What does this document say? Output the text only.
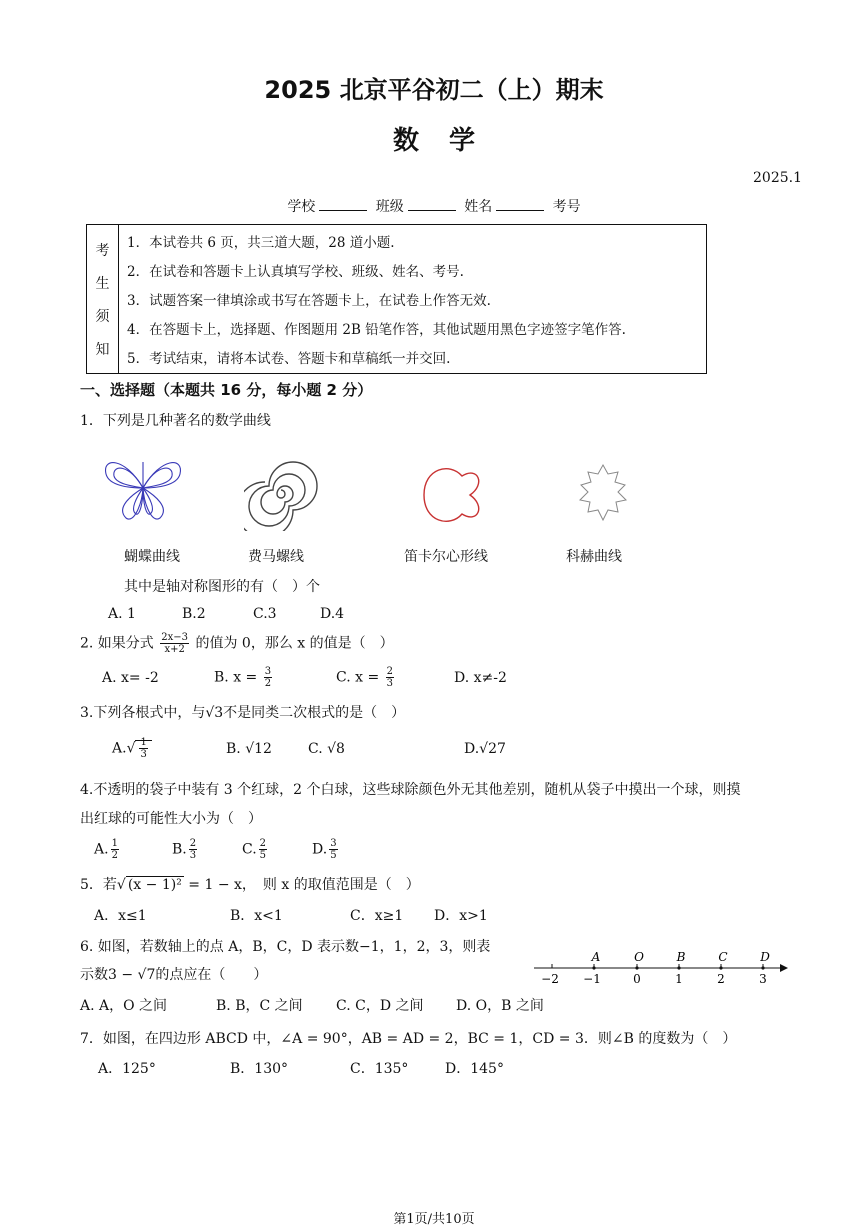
2025 北京平谷初二（上）期末
数学
2025.1
学校	班级	姓名	考号
考
生
须
知
1．本试卷共 6 页，共三道大题，28 道小题.
2．在试卷和答题卡上认真填写学校、班级、姓名、考号.
3．试题答案一律填涂或书写在答题卡上，在试卷上作答无效.
4．在答题卡上，选择题、作图题用 2B 铅笔作答，其他试题用黑色字迹签字笔作答.
5．考试结束，请将本试卷、答题卡和草稿纸一并交回.
一、选择题（本题共 16 分，每小题 2 分）
1．下列是几种著名的数学曲线
蝴蝶曲线	费马螺线	笛卡尔心形线	科赫曲线
其中是轴对称图形的有（　）个
A. 1	B.2	C.3	D.4
2. 如果分式 $\frac{2x-3}{x+2}$ 的值为 0，那么 x 的值是（　）
A. x= -2	B. $x = \frac{3}{2}$	C. $x = \frac{2}{3}$	D. x≠-2
3.下列各根式中，与√3不是同类二次根式的是（　）
$A.√ \frac{1}{3}$	B. √12	C. √8	D.√27
4.不透明的袋子中装有 3 个红球，2 个白球，这些球除颜色外无其他差别，随机从袋子中摸出一个球，则摸
出红球的可能性大小为（　）
A. $\frac{1}{2}$	B. $\frac{2}{3}$	C. $\frac{2}{5}$	D. $\frac{3}{5}$
5．若√ (x − 1)² = 1 − x，　则 x 的取值范围是（　）
A．x≤1	B．x<1	C．x≥1 D．x>1
6. 如图，若数轴上的点 A，B，C，D 表示数−1，1，2，3，则表
示数3 − √7的点应在（　　）
A	O	B	C	D
−2 −1	0	1	2	3
A. A，O 之间	B. B，C 之间 C. C，D 之间 D. O，B 之间
7．如图，在四边形 ABCD 中，∠A = 90°，AB = AD = 2，BC = 1，CD = 3．则∠B 的度数为（　）
A．125°	B．130°	C．135°	D．145°
第1页/共10页
